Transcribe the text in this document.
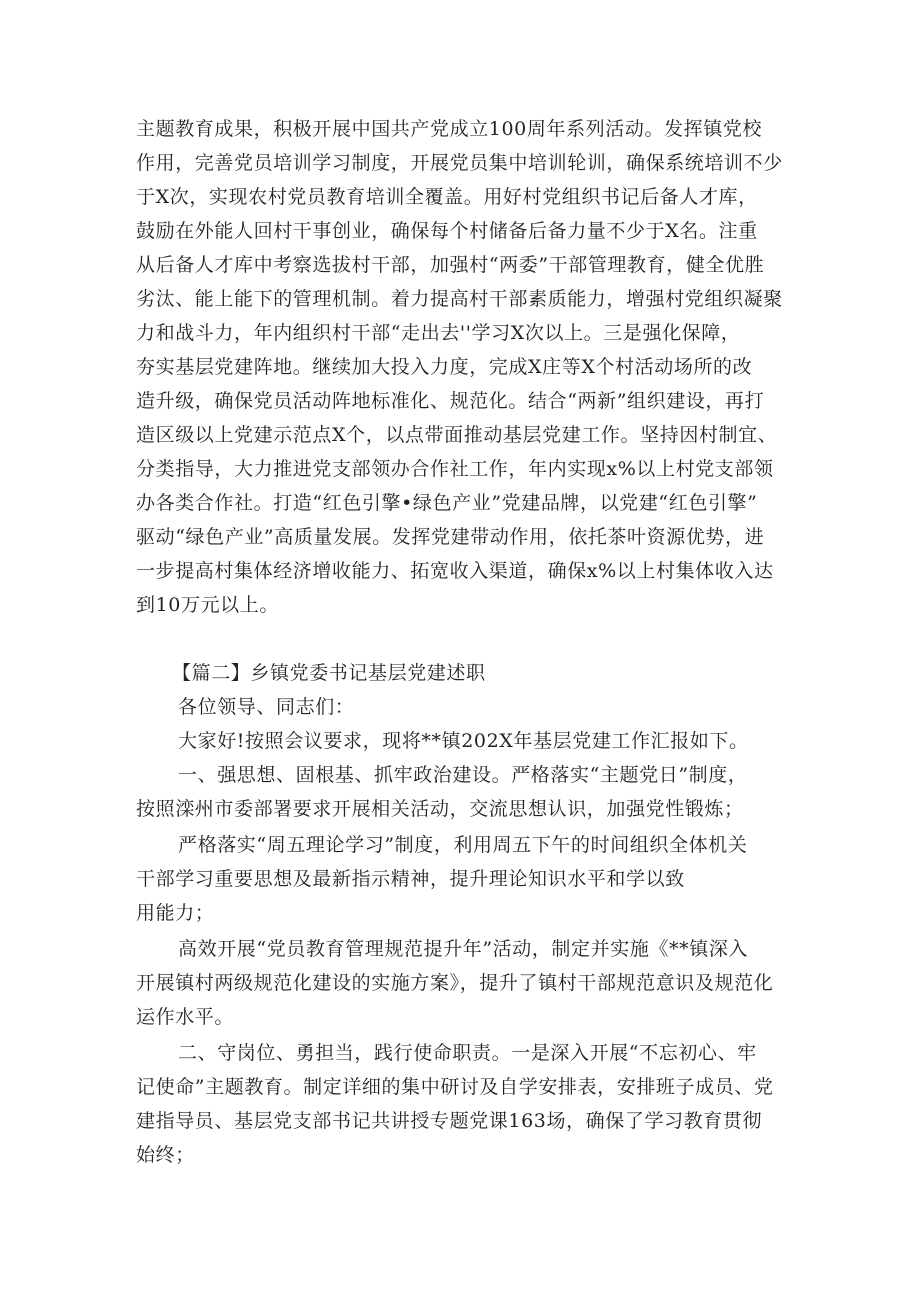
主题教育成果，积极开展中国共产党成立100周年系列活动。发挥镇党校
作用，完善党员培训学习制度，开展党员集中培训轮训，确保系统培训不少
于X次，实现农村党员教育培训全覆盖。用好村党组织书记后备人才库，
鼓励在外能人回村干事创业，确保每个村储备后备力量不少于X名。注重
从后备人才库中考察选拔村干部，加强村“两委”干部管理教育，健全优胜
劣汰、能上能下的管理机制。着力提高村干部素质能力，增强村党组织凝聚
力和战斗力，年内组织村干部“走出去''学习X次以上。三是强化保障，
夯实基层党建阵地。继续加大投入力度，完成X庄等X个村活动场所的改
造升级，确保党员活动阵地标准化、规范化。结合“两新”组织建设，再打
造区级以上党建示范点X个，以点带面推动基层党建工作。坚持因村制宜、
分类指导，大力推进党支部领办合作社工作，年内实现x%以上村党支部领
办各类合作社。打造“红色引擎•绿色产业”党建品牌，以党建“红色引擎”
驱动“绿色产业”高质量发展。发挥党建带动作用，依托茶叶资源优势，进
一步提高村集体经济增收能力、拓宽收入渠道，确保x%以上村集体收入达
到10万元以上。
【篇二】乡镇党委书记基层党建述职
各位领导、同志们：
大家好!按照会议要求，现将**镇202X年基层党建工作汇报如下。
一、强思想、固根基、抓牢政治建设。严格落实“主题党日”制度，
按照滦州市委部署要求开展相关活动，交流思想认识，加强党性锻炼；
严格落实“周五理论学习”制度，利用周五下午的时间组织全体机关
干部学习重要思想及最新指示精神，提升理论知识水平和学以致
用能力；
高效开展“党员教育管理规范提升年”活动，制定并实施《**镇深入
开展镇村两级规范化建设的实施方案》，提升了镇村干部规范意识及规范化
运作水平。
二、守岗位、勇担当，践行使命职责。一是深入开展“不忘初心、牢
记使命”主题教育。制定详细的集中研讨及自学安排表，安排班子成员、党
建指导员、基层党支部书记共讲授专题党课163场，确保了学习教育贯彻
始终；
